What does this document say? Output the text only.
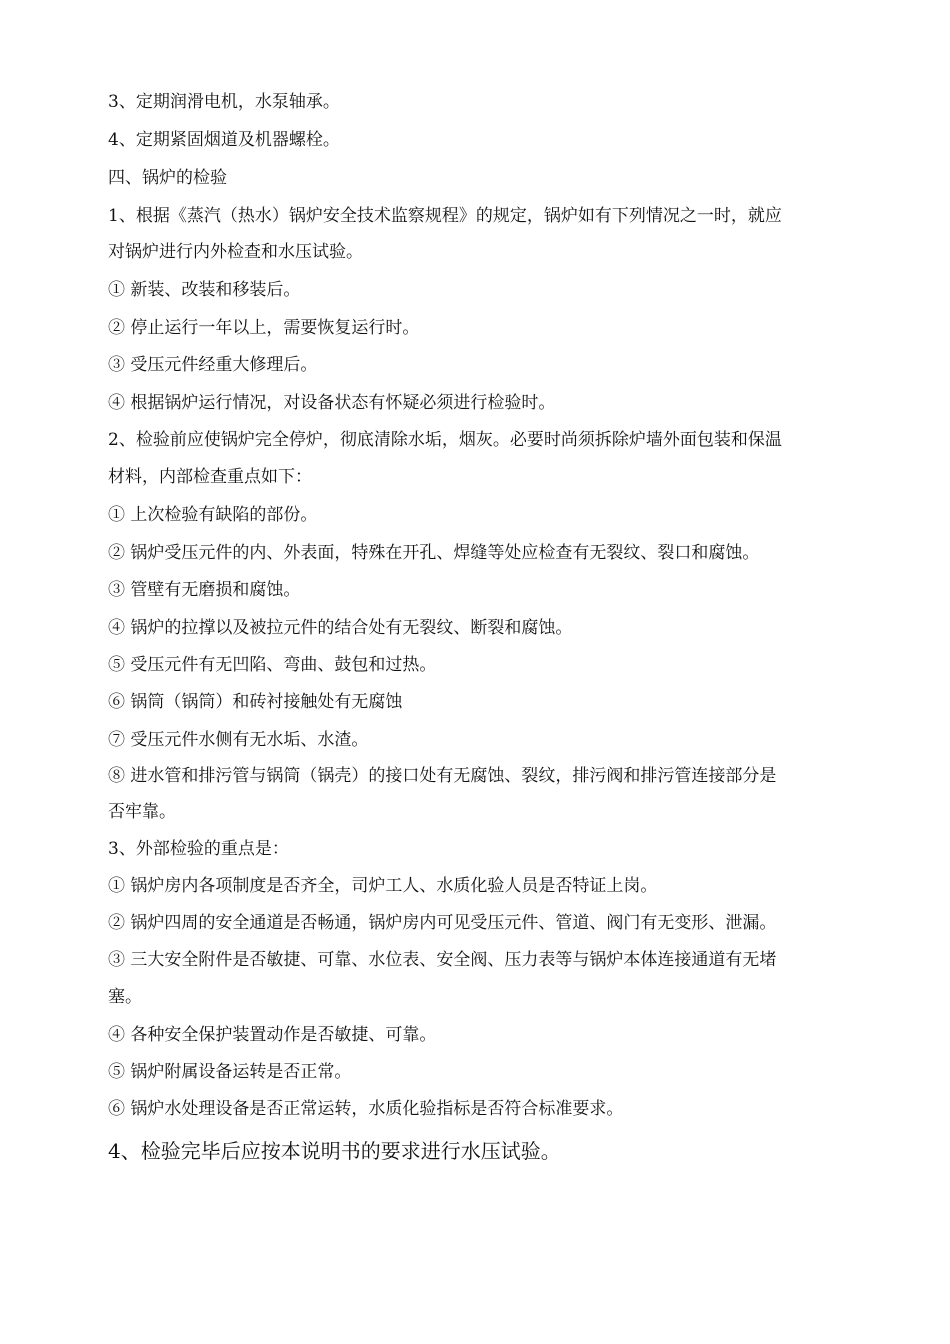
3、定期润滑电机，水泵轴承。
4、定期紧固烟道及机器螺栓。
四、锅炉的检验
1、根据《蒸汽（热水）锅炉安全技术监察规程》的规定，锅炉如有下列情况之一时，就应
对锅炉进行内外检查和水压试验。
① 新装、改装和移装后。
② 停止运行一年以上，需要恢复运行时。
③ 受压元件经重大修理后。
④ 根据锅炉运行情况，对设备状态有怀疑必须进行检验时。
2、检验前应使锅炉完全停炉，彻底清除水垢，烟灰。必要时尚须拆除炉墙外面包装和保温
材料，内部检查重点如下：
① 上次检验有缺陷的部份。
② 锅炉受压元件的内、外表面，特殊在开孔、焊缝等处应检查有无裂纹、裂口和腐蚀。
③ 管壁有无磨损和腐蚀。
④ 锅炉的拉撑以及被拉元件的结合处有无裂纹、断裂和腐蚀。
⑤ 受压元件有无凹陷、弯曲、鼓包和过热。
⑥ 锅筒（锅筒）和砖衬接触处有无腐蚀
⑦ 受压元件水侧有无水垢、水渣。
⑧ 进水管和排污管与锅筒（锅壳）的接口处有无腐蚀、裂纹，排污阀和排污管连接部分是
否牢靠。
3、外部检验的重点是：
① 锅炉房内各项制度是否齐全，司炉工人、水质化验人员是否特证上岗。
② 锅炉四周的安全通道是否畅通，锅炉房内可见受压元件、管道、阀门有无变形、泄漏。
③ 三大安全附件是否敏捷、可靠、水位表、安全阀、压力表等与锅炉本体连接通道有无堵
塞。
④ 各种安全保护装置动作是否敏捷、可靠。
⑤ 锅炉附属设备运转是否正常。
⑥ 锅炉水处理设备是否正常运转，水质化验指标是否符合标准要求。
4、检验完毕后应按本说明书的要求进行水压试验。
